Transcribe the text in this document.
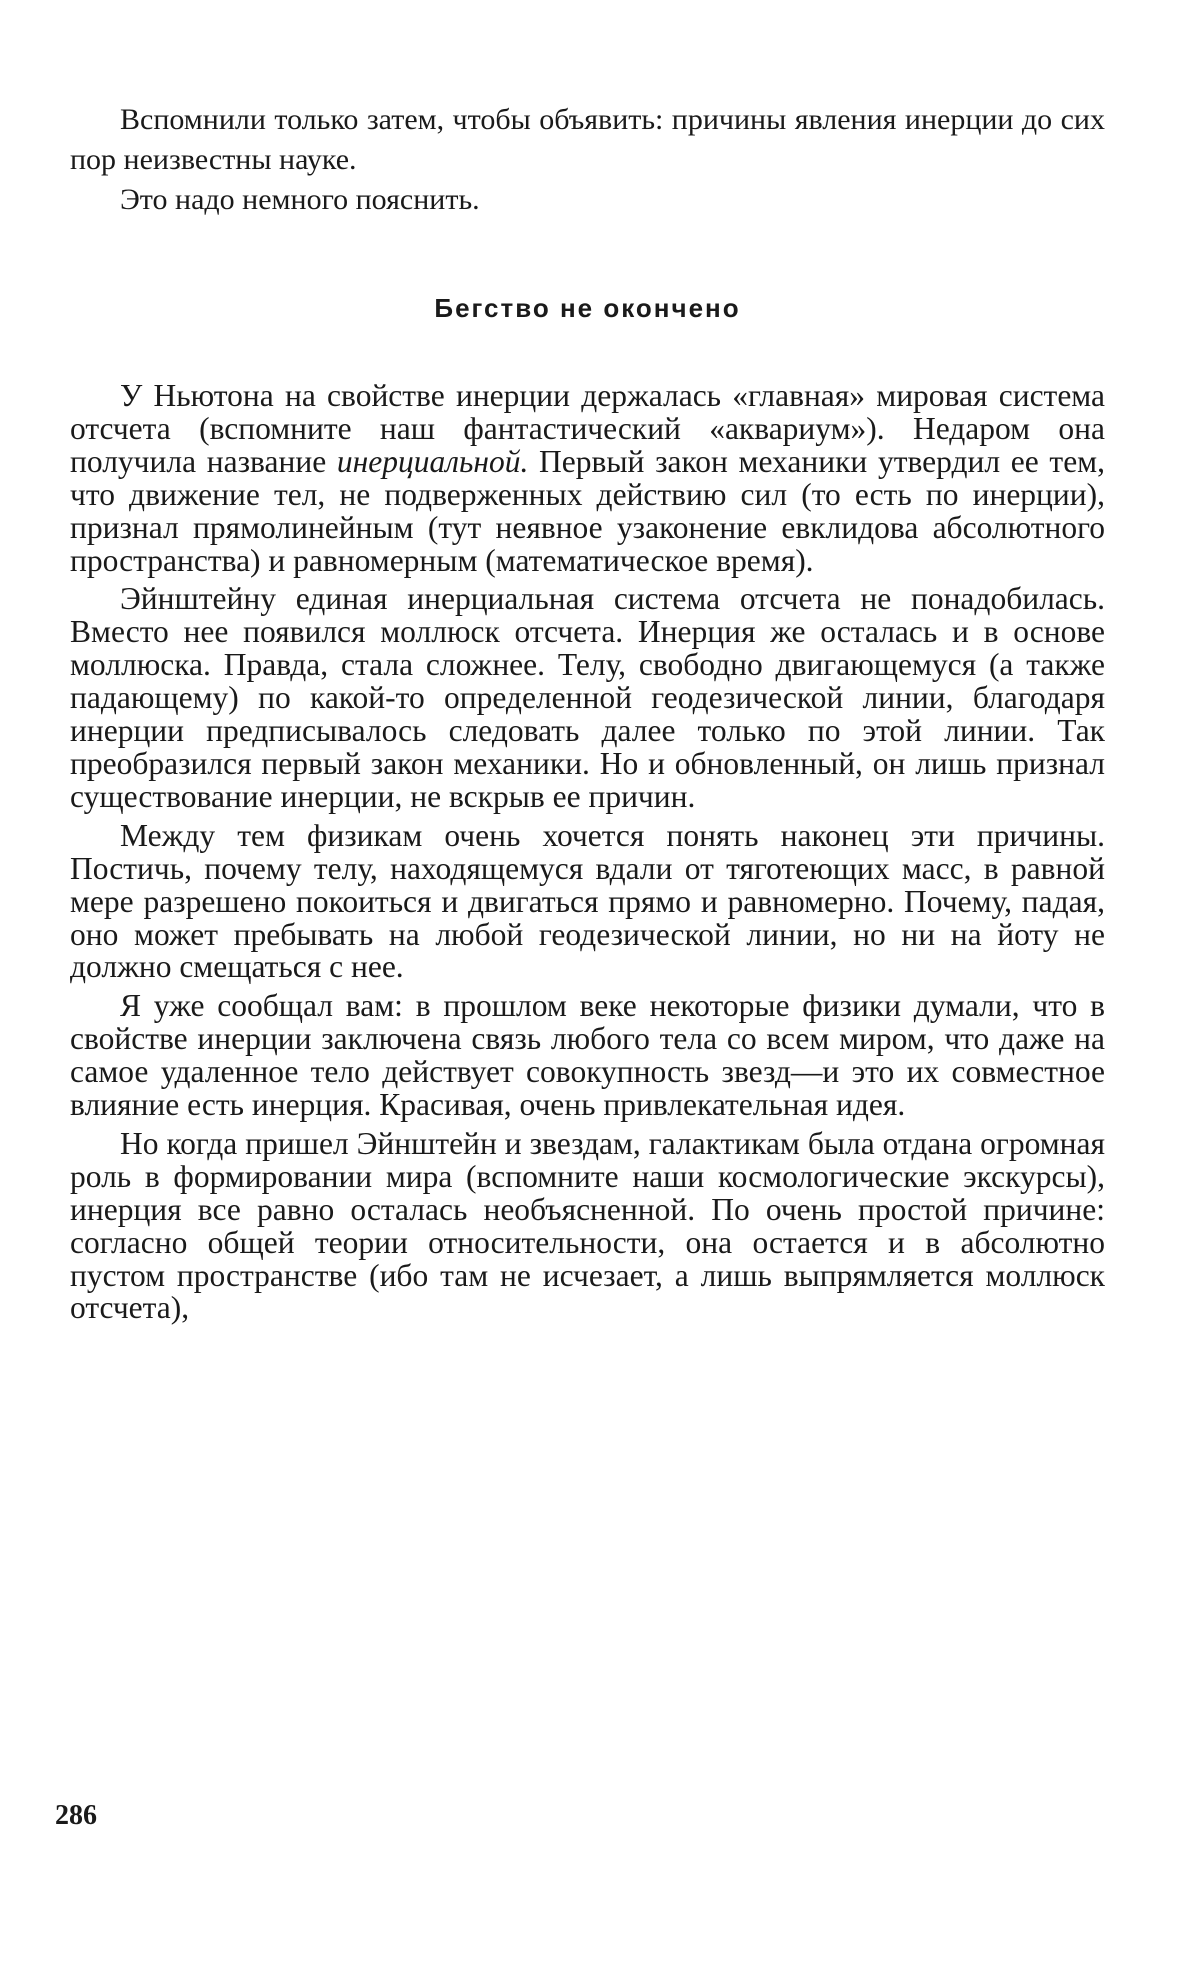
Вспомнили только затем, чтобы объявить: причины явления инерции до сих пор неизвестны науке.

Это надо немного пояснить.

Бегство не окончено

У Ньютона на свойстве инерции держалась «главная» мировая система отсчета (вспомните наш фантастический «аквариум»). Недаром она получила название инерциальной. Первый закон механики утвердил ее тем, что движение тел, не подверженных действию сил (то есть по инерции), признал прямолинейным (тут неявное узаконение евклидова абсолютного пространства) и равномерным (математическое время).

Эйнштейну единая инерциальная система отсчета не понадобилась. Вместо нее появился моллюск отсчета. Инерция же осталась и в основе моллюска. Правда, стала сложнее. Телу, свободно двигающемуся (а также падающему) по какой-то определенной геодезической линии, благодаря инерции предписывалось следовать далее только по этой линии. Так преобразился первый закон механики. Но и обновленный, он лишь признал существование инерции, не вскрыв ее причин.

Между тем физикам очень хочется понять наконец эти причины. Постичь, почему телу, находящемуся вдали от тяготеющих масс, в равной мере разрешено покоиться и двигаться прямо и равномерно. Почему, падая, оно может пребывать на любой геодезической линии, но ни на йоту не должно смещаться с нее.

Я уже сообщал вам: в прошлом веке некоторые физики думали, что в свойстве инерции заключена связь любого тела со всем миром, что даже на самое удаленное тело действует совокупность звезд—и это их совместное влияние есть инерция. Красивая, очень привлекательная идея.

Но когда пришел Эйнштейн и звездам, галактикам была отдана огромная роль в формировании мира (вспомните наши космологические экскурсы), инерция все равно осталась необъясненной. По очень простой причине: согласно общей теории относительности, она остается и в абсолютно пустом пространстве (ибо там не исчезает, а лишь выпрямляется моллюск отсчета),

286
